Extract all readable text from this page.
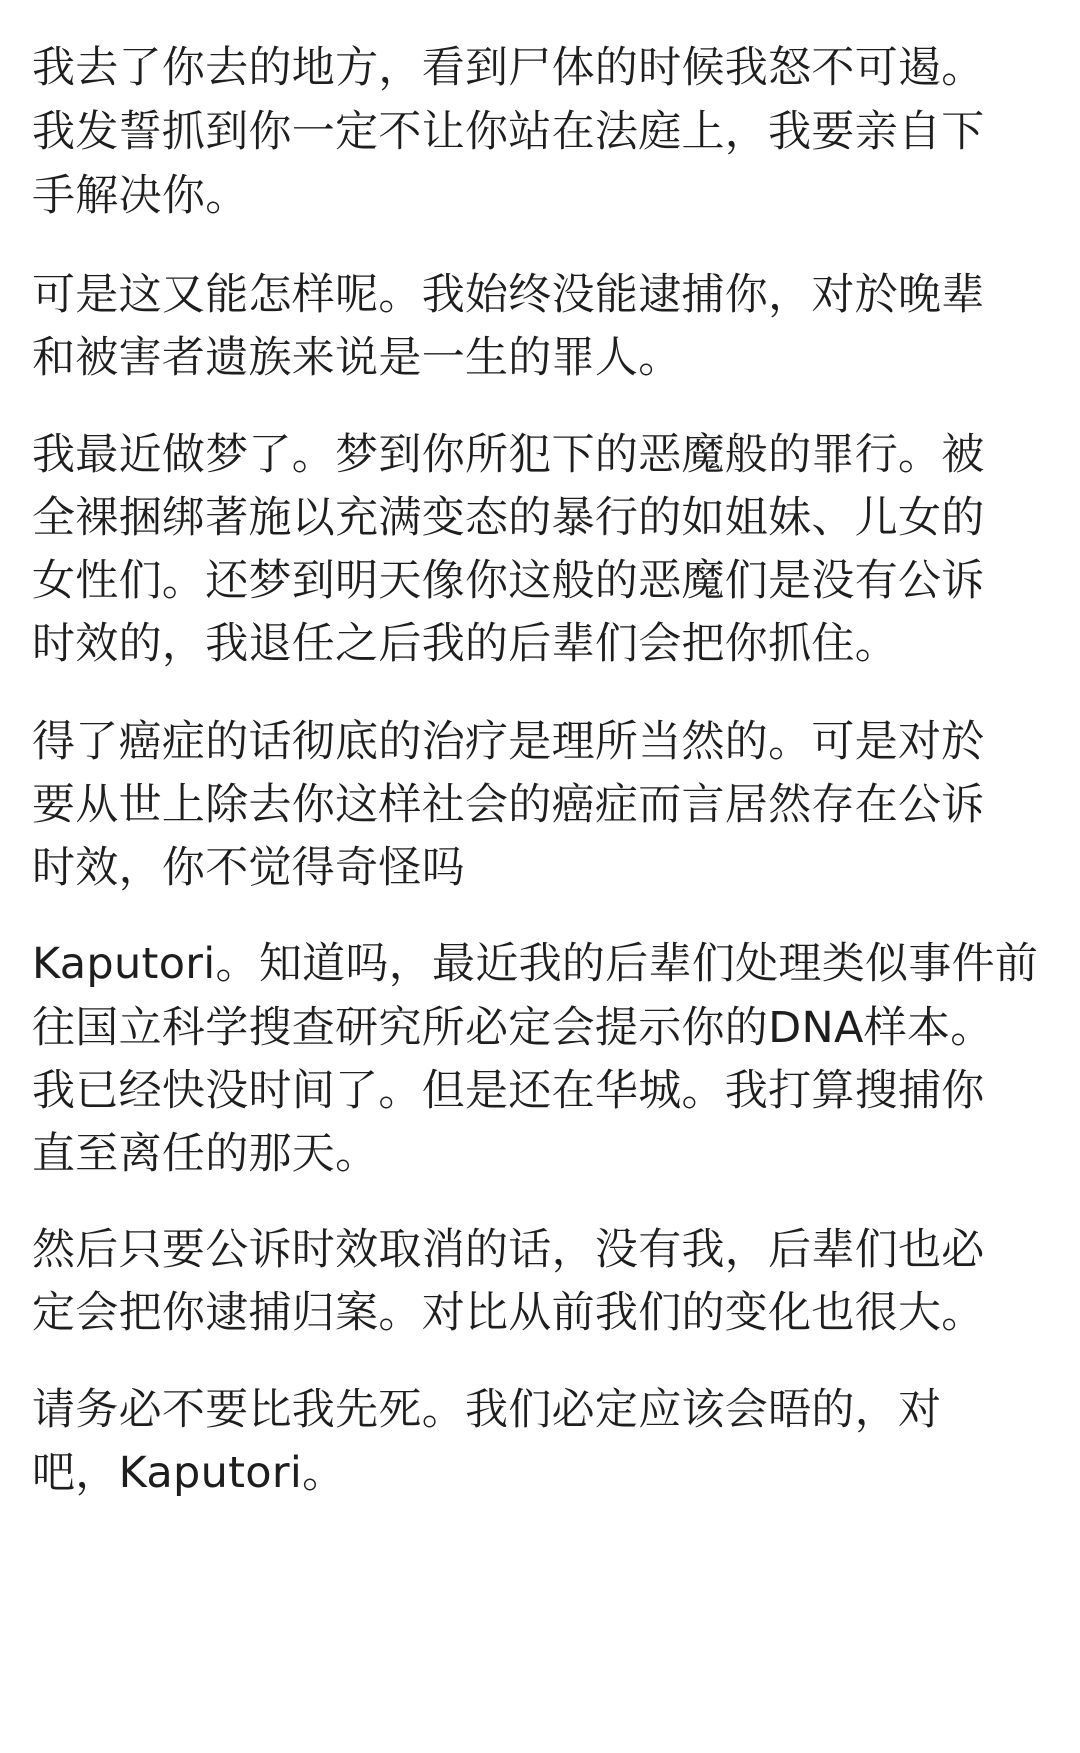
我去了你去的地方，看到尸体的时候我怒不可遏。
我发誓抓到你一定不让你站在法庭上，我要亲自下
手解决你。
可是这又能怎样呢。我始终没能逮捕你，对於晚辈
和被害者遗族来说是一生的罪人。
我最近做梦了。梦到你所犯下的恶魔般的罪行。被
全裸捆绑著施以充满变态的暴行的如姐妹、儿女的
女性们。还梦到明天像你这般的恶魔们是没有公诉
时效的，我退任之后我的后辈们会把你抓住。
得了癌症的话彻底的治疗是理所当然的。可是对於
要从世上除去你这样社会的癌症而言居然存在公诉
时效，你不觉得奇怪吗
Kaputori。知道吗，最近我的后辈们处理类似事件前
往国立科学搜查研究所必定会提示你的DNA样本。
我已经快没时间了。但是还在华城。我打算搜捕你
直至离任的那天。
然后只要公诉时效取消的话，没有我，后辈们也必
定会把你逮捕归案。对比从前我们的变化也很大。
请务必不要比我先死。我们必定应该会晤的，对
吧，Kaputori。
